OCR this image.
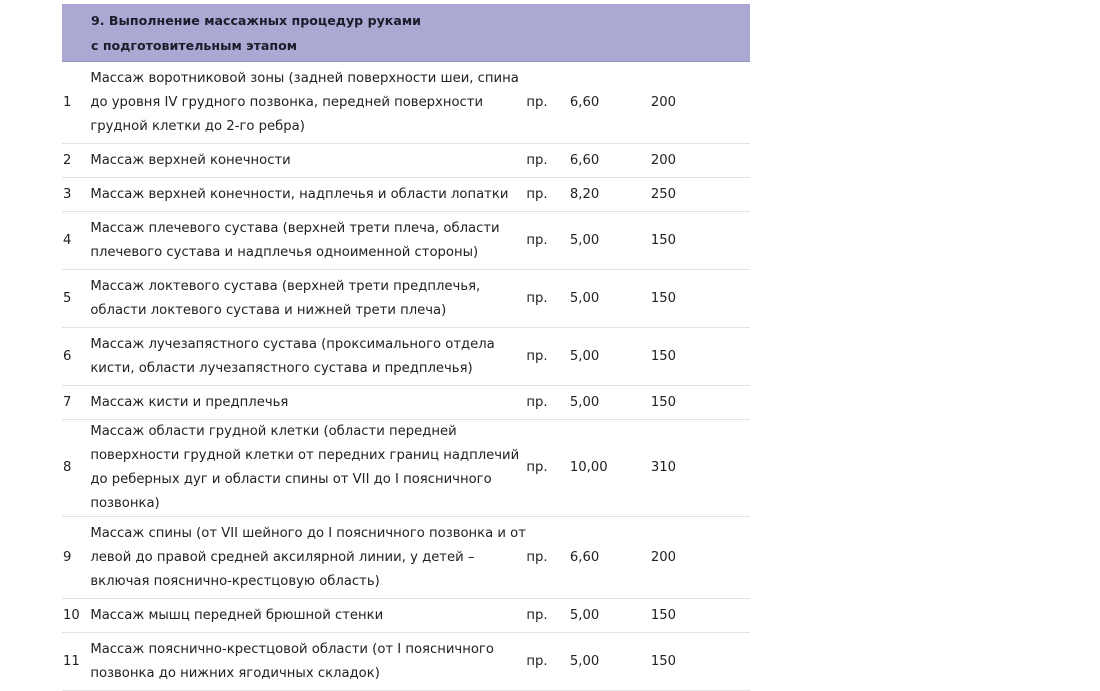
9. Выполнение массажных процедур руками с подготовительным этапом				

1	Массаж воротниковой зоны (задней поверхности шеи, спина до уровня IV грудного позвонка, передней поверхности грудной клетки до 2-го ребра)	пр.	6,60	200
2	Массаж верхней конечности	пр.	6,60	200
3	Массаж верхней конечности, надплечья и области лопатки	пр.	8,20	250
4	Массаж плечевого сустава (верхней трети плеча, области плечевого сустава и надплечья одноименной стороны)	пр.	5,00	150
5	Массаж локтевого сустава (верхней трети предплечья, области локтевого сустава и нижней трети плеча)	пр.	5,00	150
6	Массаж лучезапястного сустава (проксимального отдела кисти, области лучезапястного сустава и предплечья)	пр.	5,00	150
7	Массаж кисти и предплечья	пр.	5,00	150
8	Массаж области грудной клетки (области передней поверхности грудной клетки от передних границ надплечий до реберных дуг и области спины от VII до I поясничного позвонка)	пр.	10,00	310
9	Массаж спины (от VII шейного до I поясничного позвонка и от левой до правой средней аксилярной линии, у детей – включая пояснично-крестцовую область)	пр.	6,60	200
10	Массаж мышц передней брюшной стенки	пр.	5,00	150
11	Массаж пояснично-крестцовой области (от I поясничного позвонка до нижних ягодичных складок)	пр.	5,00	150
